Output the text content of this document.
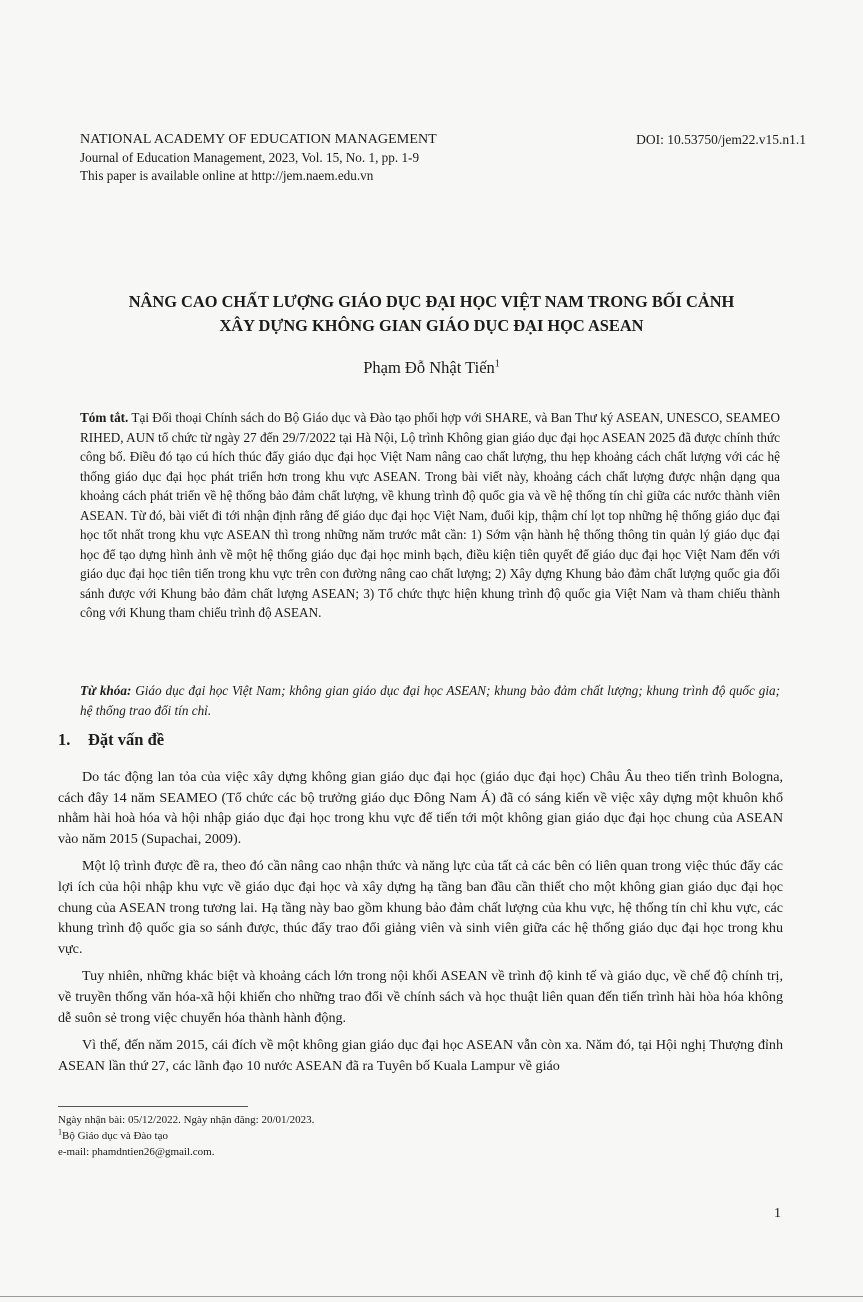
NATIONAL ACADEMY OF EDUCATION MANAGEMENT
Journal of Education Management, 2023, Vol. 15, No. 1, pp. 1-9
This paper is available online at http://jem.naem.edu.vn
DOI: 10.53750/jem22.v15.n1.1
NÂNG CAO CHẤT LƯỢNG GIÁO DỤC ĐẠI HỌC VIỆT NAM TRONG BỐI CẢNH
XÂY DỰNG KHÔNG GIAN GIÁO DỤC ĐẠI HỌC ASEAN
Phạm Đỗ Nhật Tiến$^1$
Tóm tắt. Tại Đối thoại Chính sách do Bộ Giáo dục và Đào tạo phối hợp với SHARE, và Ban Thư ký ASEAN, UNESCO, SEAMEO RIHED, AUN tổ chức từ ngày 27 đến 29/7/2022 tại Hà Nội, Lộ trình Không gian giáo dục đại học ASEAN 2025 đã được chính thức công bố. Điều đó tạo cú hích thúc đẩy giáo dục đại học Việt Nam nâng cao chất lượng, thu hẹp khoảng cách chất lượng với các hệ thống giáo dục đại học phát triển hơn trong khu vực ASEAN. Trong bài viết này, khoảng cách chất lượng được nhận dạng qua khoảng cách phát triển về hệ thống bảo đảm chất lượng, về khung trình độ quốc gia và về hệ thống tín chỉ giữa các nước thành viên ASEAN. Từ đó, bài viết đi tới nhận định rằng để giáo dục đại học Việt Nam, đuổi kịp, thậm chí lọt top những hệ thống giáo dục đại học tốt nhất trong khu vực ASEAN thì trong những năm trước mắt cần: 1) Sớm vận hành hệ thống thông tin quản lý giáo dục đại học để tạo dựng hình ảnh về một hệ thống giáo dục đại học minh bạch, điều kiện tiên quyết để giáo dục đại học Việt Nam đến với giáo dục đại học tiên tiến trong khu vực trên con đường nâng cao chất lượng; 2) Xây dựng Khung bảo đảm chất lượng quốc gia đối sánh được với Khung bảo đảm chất lượng ASEAN; 3) Tổ chức thực hiện khung trình độ quốc gia Việt Nam và tham chiếu thành công với Khung tham chiếu trình độ ASEAN.
Từ khóa: Giáo dục đại học Việt Nam; không gian giáo dục đại học ASEAN; khung bảo đảm chất lượng; khung trình độ quốc gia; hệ thống trao đổi tín chỉ.
1. Đặt vấn đề

Do tác động lan tỏa của việc xây dựng không gian giáo dục đại học (giáo dục đại học) Châu Âu theo tiến trình Bologna, cách đây 14 năm SEAMEO (Tổ chức các bộ trưởng giáo dục Đông Nam Á) đã có sáng kiến về việc xây dựng một khuôn khổ nhằm hài hoà hóa và hội nhập giáo dục đại học trong khu vực để tiến tới một không gian giáo dục đại học chung của ASEAN vào năm 2015 (Supachai, 2009).

Một lộ trình được đề ra, theo đó cần nâng cao nhận thức và năng lực của tất cả các bên có liên quan trong việc thúc đẩy các lợi ích của hội nhập khu vực về giáo dục đại học và xây dựng hạ tầng ban đầu cần thiết cho một không gian giáo dục đại học chung của ASEAN trong tương lai. Hạ tầng này bao gồm khung bảo đảm chất lượng của khu vực, hệ thống tín chỉ khu vực, các khung trình độ quốc gia so sánh được, thúc đẩy trao đổi giảng viên và sinh viên giữa các hệ thống giáo dục đại học trong khu vực.

Tuy nhiên, những khác biệt và khoảng cách lớn trong nội khối ASEAN về trình độ kinh tế và giáo dục, về chế độ chính trị, về truyền thống văn hóa-xã hội khiến cho những trao đổi về chính sách và học thuật liên quan đến tiến trình hài hòa hóa không dễ suôn sẻ trong việc chuyển hóa thành hành động.

Vì thế, đến năm 2015, cái đích về một không gian giáo dục đại học ASEAN vẫn còn xa. Năm đó, tại Hội nghị Thượng đỉnh ASEAN lần thứ 27, các lãnh đạo 10 nước ASEAN đã ra Tuyên bố Kuala Lampur về giáo

Ngày nhận bài: 05/12/2022. Ngày nhận đăng: 20/01/2023.
$^1$Bộ Giáo dục và Đào tạo
e-mail: phamdntien26@gmail.com.
1
